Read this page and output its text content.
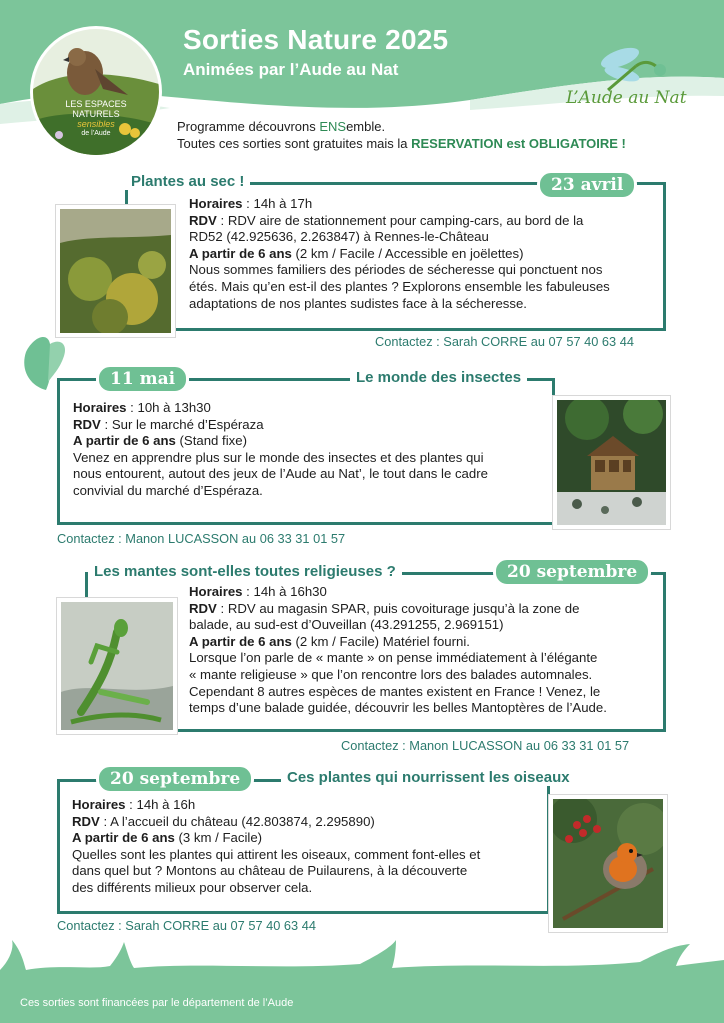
Sorties Nature 2025
Animées par l’Aude au Nat
LES ESPACES
NATURELS
sensibles
de l’Aude
L’Aude au Nat
Programme découvrons ENSemble.
Toutes ces sorties sont gratuites mais la RESERVATION est OBLIGATOIRE !
Plantes au sec !	23 avril
Horaires : 14h à 17h
RDV : RDV aire de stationnement pour camping-cars, au bord de la
RD52 (42.925636, 2.263847) à Rennes-le-Château
A partir de 6 ans (2 km / Facile / Accessible en joëlettes)
Nous sommes familiers des périodes de sécheresse qui ponctuent nos
étés. Mais qu’en est-il des plantes ? Explorons ensemble les fabuleuses
adaptations de nos plantes sudistes face à la sécheresse.
Contactez : Sarah CORRE au 07 57 40 63 44
11 mai	Le monde des insectes
Horaires : 10h à 13h30
RDV : Sur le marché d’Espéraza
A partir de 6 ans (Stand fixe)
Venez en apprendre plus sur le monde des insectes et des plantes qui
nous entourent, autout des jeux de l’Aude au Nat’, le tout dans le cadre
convivial du marché d’Espéraza.
Contactez : Manon LUCASSON au 06 33 31 01 57
Les mantes sont-elles toutes religieuses ?	20 septembre
Horaires : 14h à 16h30
RDV : RDV au magasin SPAR, puis covoiturage jusqu’à la zone de
balade, au sud-est d’Ouveillan (43.291255, 2.969151)
A partir de 6 ans (2 km / Facile) Matériel fourni.
Lorsque l’on parle de « mante » on pense immédiatement à l’élégante
« mante religieuse » que l’on rencontre lors des balades automnales.
Cependant 8 autres espèces de mantes existent en France ! Venez, le
temps d’une balade guidée, découvrir les belles Mantoptères de l’Aude.
Contactez : Manon LUCASSON au 06 33 31 01 57
20 septembre	Ces plantes qui nourrissent les oiseaux
Horaires : 14h à 16h
RDV : A l’accueil du château (42.803874, 2.295890)
A partir de 6 ans (3 km / Facile)
Quelles sont les plantes qui attirent les oiseaux, comment font-elles et
dans quel but ? Montons au château de Puilaurens, à la découverte
des différents milieux pour observer cela.
Contactez : Sarah CORRE au 07 57 40 63 44
Ces sorties sont financées par le département de l’Aude
